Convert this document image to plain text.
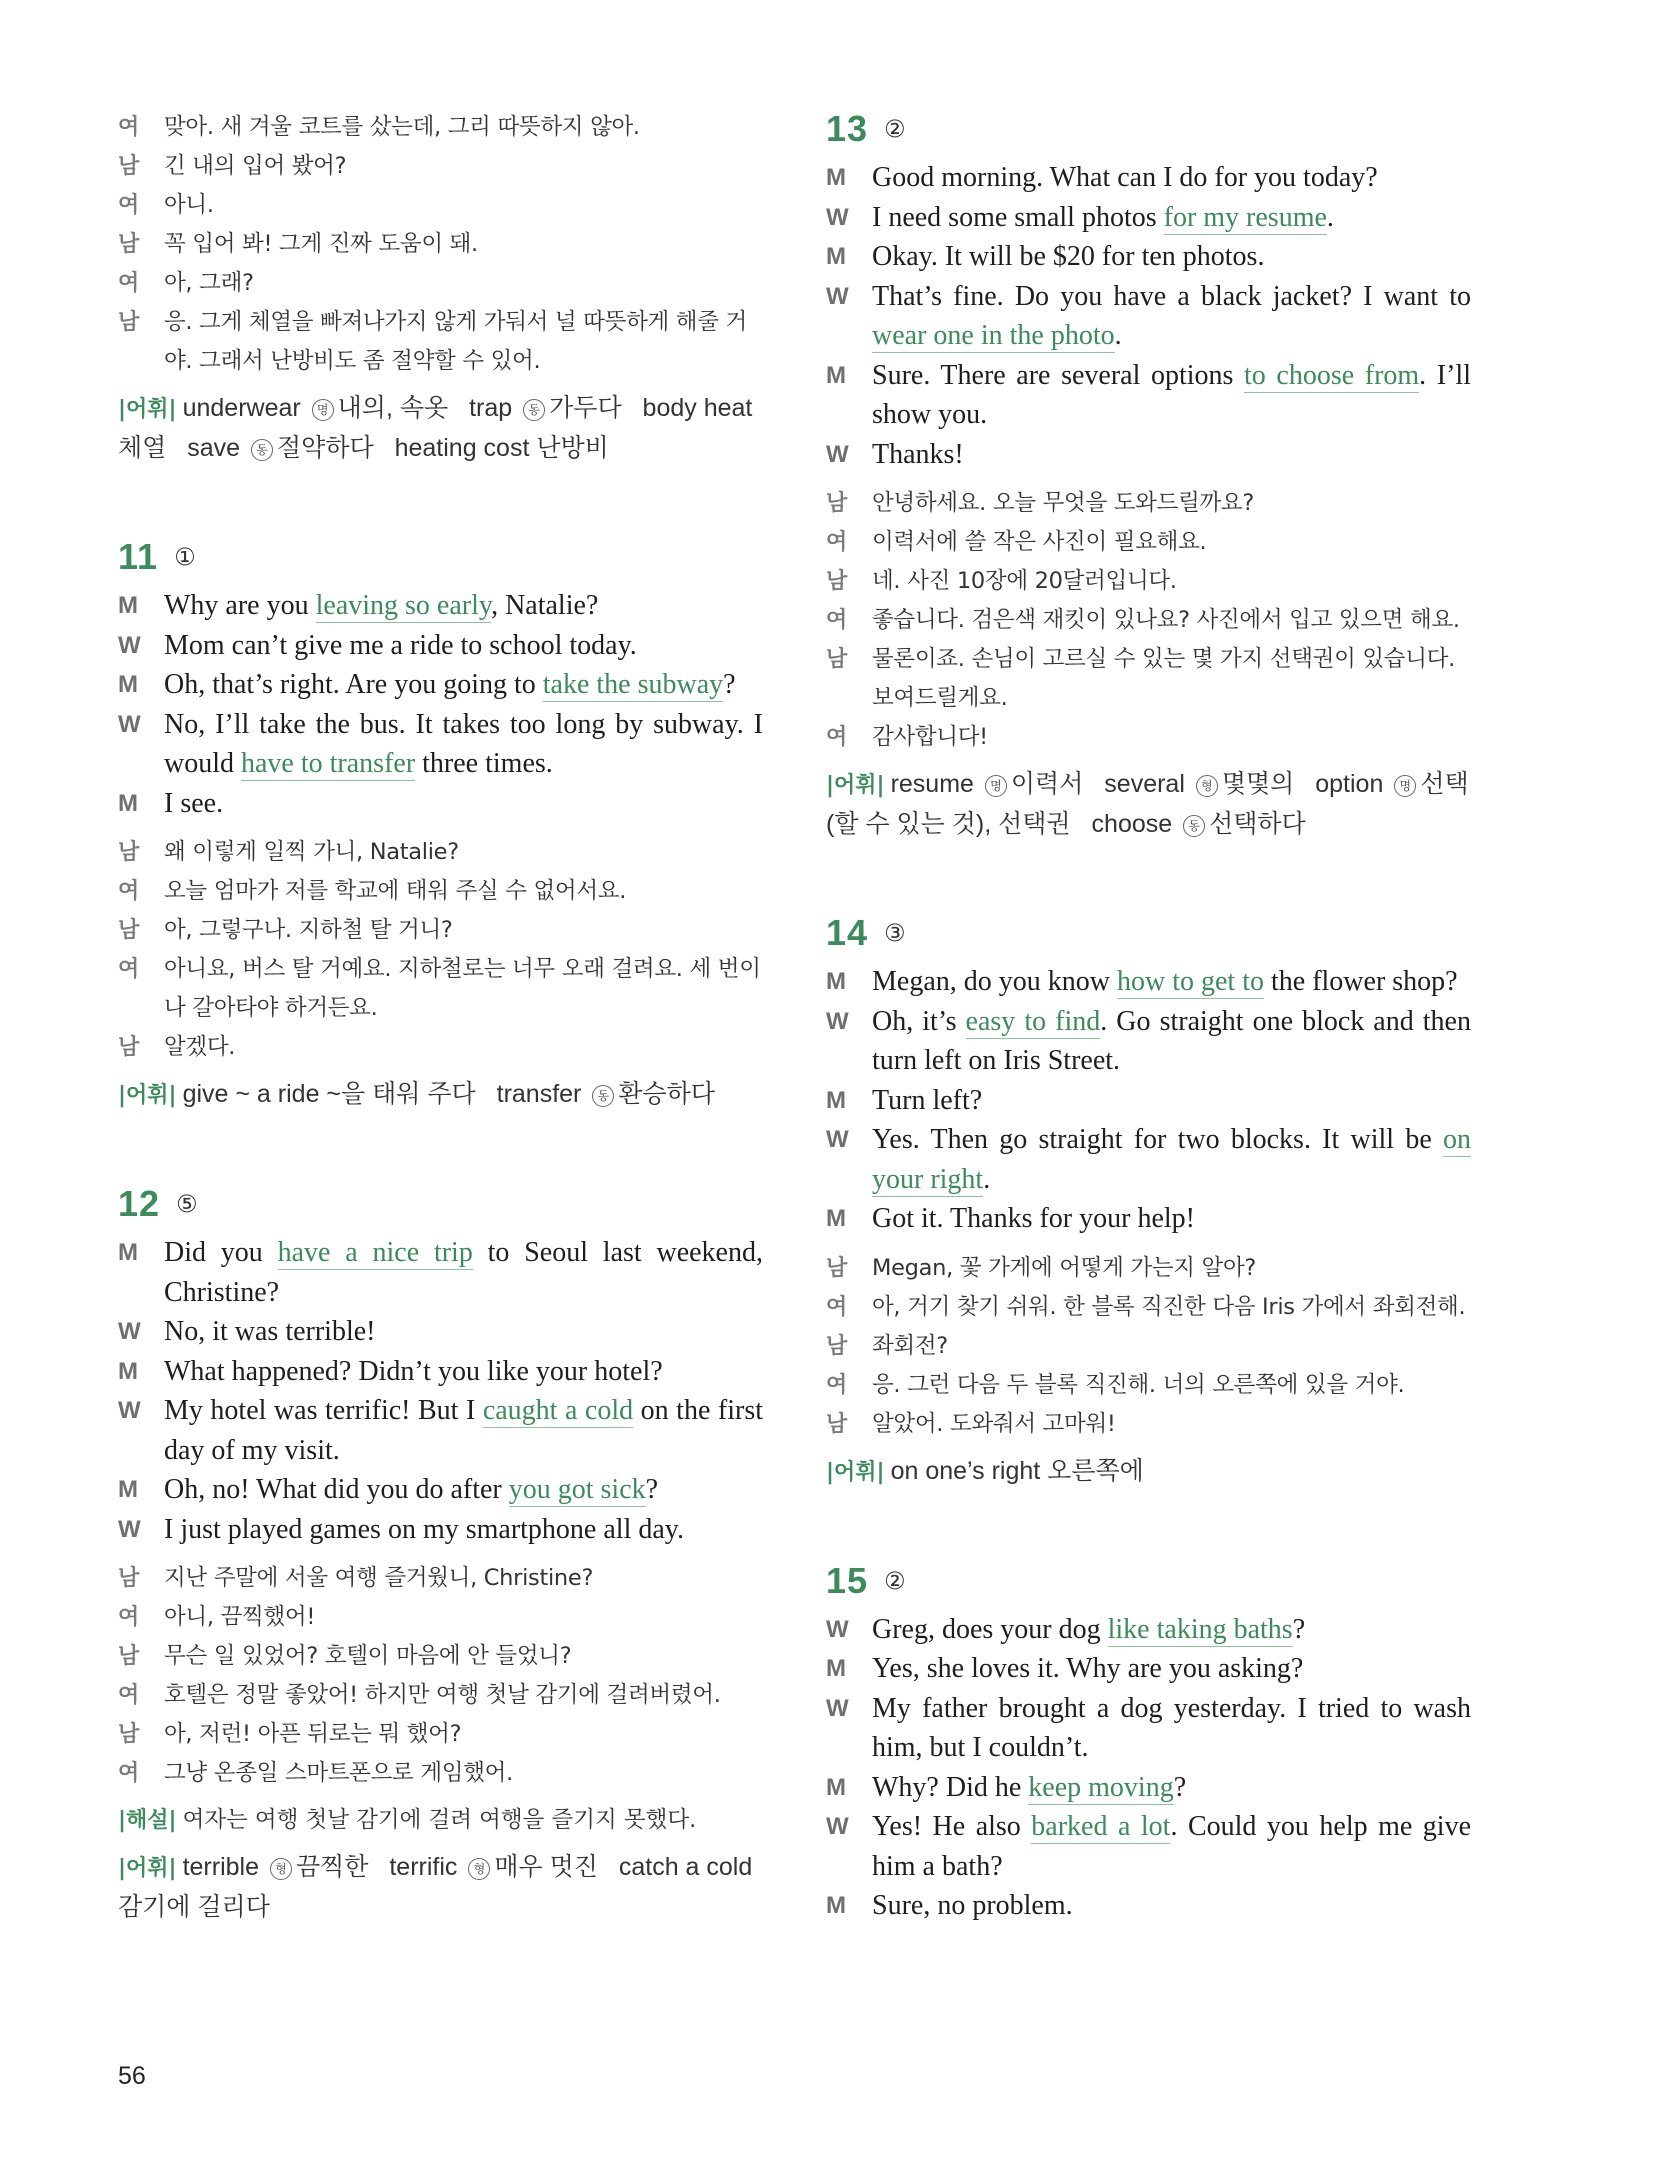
여	맞아. 새 겨울 코트를 샀는데, 그리 따뜻하지 않아.
남	긴 내의 입어 봤어?
여	아니.
남	꼭 입어 봐! 그게 진짜 도움이 돼.
여	아, 그래?
남	응. 그게 체열을 빠져나가지 않게 가둬서 널 따뜻하게 해줄 거야. 그래서 난방비도 좀 절약할 수 있어.
|어휘| underwear 명 내의, 속옷 trap 동 가두다 body heat 체열 save 동 절약하다 heating cost 난방비
11 ①
M Why are you leaving so early, Natalie?
W Mom can’t give me a ride to school today.
M Oh, that’s right. Are you going to take the subway?
W No, I’ll take the bus. It takes too long by subway. I would have to transfer three times.
M I see.
남	왜 이렇게 일찍 가니, Natalie?
여	오늘 엄마가 저를 학교에 태워 주실 수 없어서요.
남	아, 그렇구나. 지하철 탈 거니?
여	아니요, 버스 탈 거예요. 지하철로는 너무 오래 걸려요. 세 번이나 갈아타야 하거든요.
남	알겠다.
|어휘| give ~ a ride ~을 태워 주다 transfer 동 환승하다
12 ⑤
M Did you have a nice trip to Seoul last weekend, Christine?
W No, it was terrible!
M What happened? Didn’t you like your hotel?
W My hotel was terrific! But I caught a cold on the first day of my visit.
M Oh, no! What did you do after you got sick?
W I just played games on my smartphone all day.
남	지난 주말에 서울 여행 즐거웠니, Christine?
여	아니, 끔찍했어!
남	무슨 일 있었어? 호텔이 마음에 안 들었니?
여	호텔은 정말 좋았어! 하지만 여행 첫날 감기에 걸려버렸어.
남	아, 저런! 아픈 뒤로는 뭐 했어?
여	그냥 온종일 스마트폰으로 게임했어.
|해설| 여자는 여행 첫날 감기에 걸려 여행을 즐기지 못했다.
|어휘| terrible 형 끔찍한 terrific 형 매우 멋진 catch a cold 감기에 걸리다
13 ②
M Good morning. What can I do for you today?
W I need some small photos for my resume.
M Okay. It will be $20 for ten photos.
W That’s fine. Do you have a black jacket? I want to wear one in the photo.
M Sure. There are several options to choose from. I’ll show you.
W Thanks!
남	안녕하세요. 오늘 무엇을 도와드릴까요?
여	이력서에 쓸 작은 사진이 필요해요.
남	네. 사진 10장에 20달러입니다.
여	좋습니다. 검은색 재킷이 있나요? 사진에서 입고 있으면 해요.
남	물론이죠. 손님이 고르실 수 있는 몇 가지 선택권이 있습니다. 보여드릴게요.
여	감사합니다!
|어휘| resume 명 이력서 several 형 몇몇의 option 명 선택(할 수 있는 것), 선택권 choose 동 선택하다
14 ③
M Megan, do you know how to get to the flower shop?
W Oh, it’s easy to find. Go straight one block and then turn left on Iris Street.
M Turn left?
W Yes. Then go straight for two blocks. It will be on your right.
M Got it. Thanks for your help!
남	Megan, 꽃 가게에 어떻게 가는지 알아?
여	아, 거기 찾기 쉬워. 한 블록 직진한 다음 Iris 가에서 좌회전해.
남	좌회전?
여	응. 그런 다음 두 블록 직진해. 너의 오른쪽에 있을 거야.
남	알았어. 도와줘서 고마워!
|어휘| on one’s right 오른쪽에
15 ②
W Greg, does your dog like taking baths?
M Yes, she loves it. Why are you asking?
W My father brought a dog yesterday. I tried to wash him, but I couldn’t.
M Why? Did he keep moving?
W Yes! He also barked a lot. Could you help me give him a bath?
M Sure, no problem.
56
